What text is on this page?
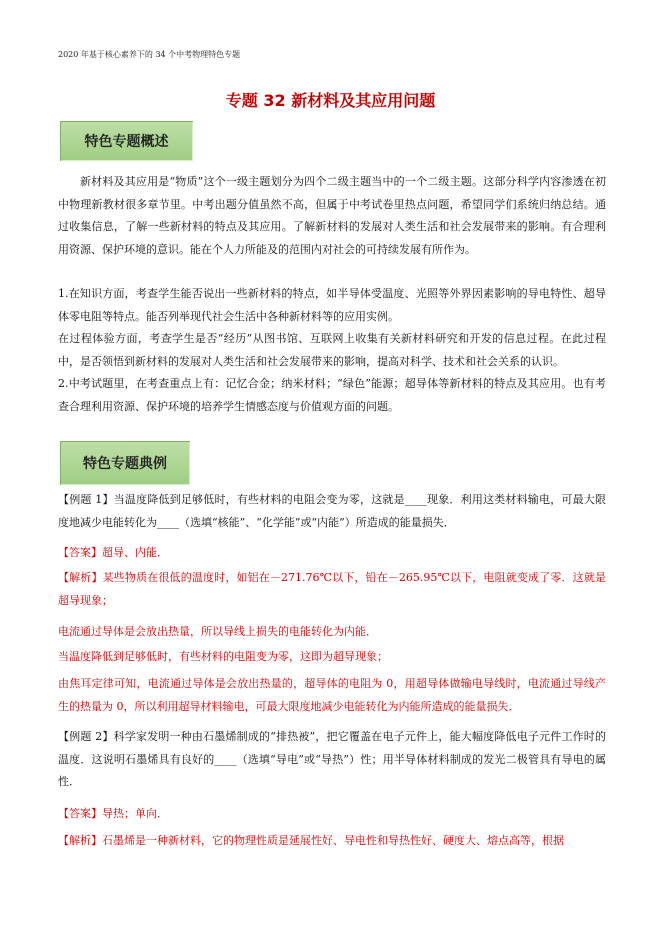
2020 年基于核心素养下的 34 个中考物理特色专题
专题 32 新材料及其应用问题
特色专题概述
新材料及其应用是“物质”这个一级主题划分为四个二级主题当中的一个二级主题。这部分科学内容渗透在初中物理新教材很多章节里。中考出题分值虽然不高，但属于中考试卷里热点问题，希望同学们系统归纳总结。通过收集信息，了解一些新材料的特点及其应用。了解新材料的发展对人类生活和社会发展带来的影响。有合理利用资源、保护环境的意识。能在个人力所能及的范围内对社会的可持续发展有所作为。
1.在知识方面，考查学生能否说出一些新材料的特点，如半导体受温度、光照等外界因素影响的导电特性、超导体零电阻等特点。能否列举现代社会生活中各种新材料等的应用实例。
在过程体验方面，考查学生是否“经历”从图书馆、互联网上收集有关新材料研究和开发的信息过程。在此过程中，是否领悟到新材料的发展对人类生活和社会发展带来的影响，提高对科学、技术和社会关系的认识。
2.中考试题里，在考查重点上有：记忆合金；纳米材料；“绿色”能源；超导体等新材料的特点及其应用。也有考查合理利用资源、保护环境的培养学生情感态度与价值观方面的问题。
特色专题典例
【例题 1】当温度降低到足够低时，有些材料的电阻会变为零，这就是____现象．利用这类材料输电，可最大限度地减少电能转化为____（选填“核能”、“化学能”或“内能”）所造成的能量损失．
【答案】超导、内能．
【解析】某些物质在很低的温度时，如铝在－271.76℃以下，铅在－265.95℃以下，电阻就变成了零．这就是超导现象；
电流通过导体是会放出热量，所以导线上损失的电能转化为内能．
当温度降低到足够低时，有些材料的电阻变为零，这即为超导现象；
由焦耳定律可知，电流通过导体是会放出热量的，超导体的电阻为 0，用超导体做输电导线时，电流通过导线产生的热量为 0，所以利用超导材料输电，可最大限度地减少电能转化为内能所造成的能量损失．
【例题 2】科学家发明一种由石墨烯制成的“排热被”，把它覆盖在电子元件上，能大幅度降低电子元件工作时的温度．这说明石墨烯具有良好的____（选填“导电”或“导热”）性；用半导体材料制成的发光二极管具有导电的属性．
【答案】导热；单向．
【解析】石墨烯是一种新材料，它的物理性质是延展性好、导电性和导热性好、硬度大、熔点高等，根据
